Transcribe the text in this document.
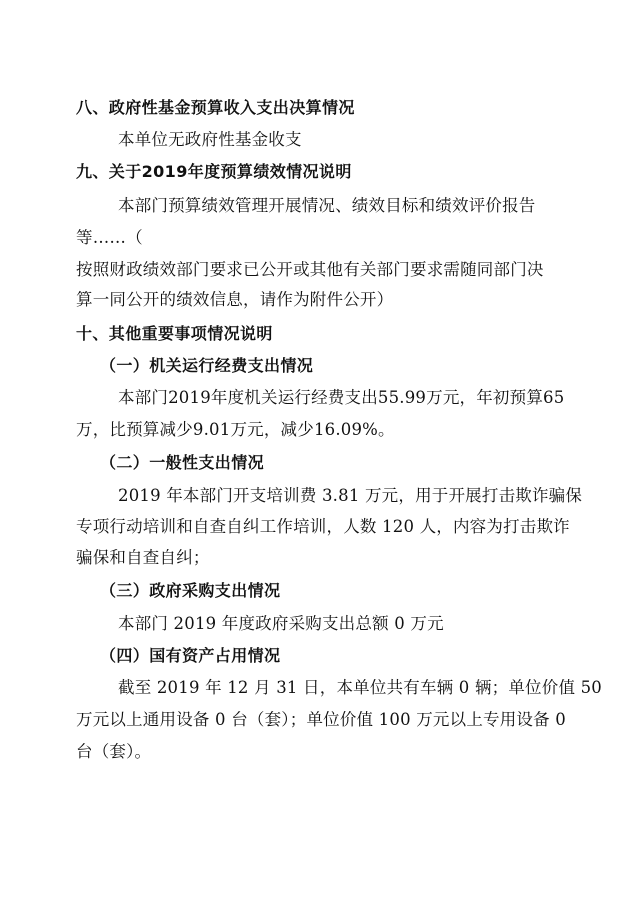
八、政府性基金预算收入支出决算情况
本单位无政府性基金收支
九、关于2019年度预算绩效情况说明
本部门预算绩效管理开展情况、绩效目标和绩效评价报告
等……（
按照财政绩效部门要求已公开或其他有关部门要求需随同部门决
算一同公开的绩效信息，请作为附件公开）
十、其他重要事项情况说明
（一）机关运行经费支出情况
本部门2019年度机关运行经费支出55.99万元，年初预算65
万，比预算减少9.01万元，减少16.09%。
（二）一般性支出情况
2019 年本部门开支培训费 3.81 万元，用于开展打击欺诈骗保
专项行动培训和自查自纠工作培训，人数 120 人，内容为打击欺诈
骗保和自查自纠；
（三）政府采购支出情况
本部门 2019 年度政府采购支出总额 0 万元
（四）国有资产占用情况
截至 2019 年 12 月 31 日，本单位共有车辆 0 辆；单位价值 50
万元以上通用设备 0 台（套）；单位价值 100 万元以上专用设备 0
台（套）。
